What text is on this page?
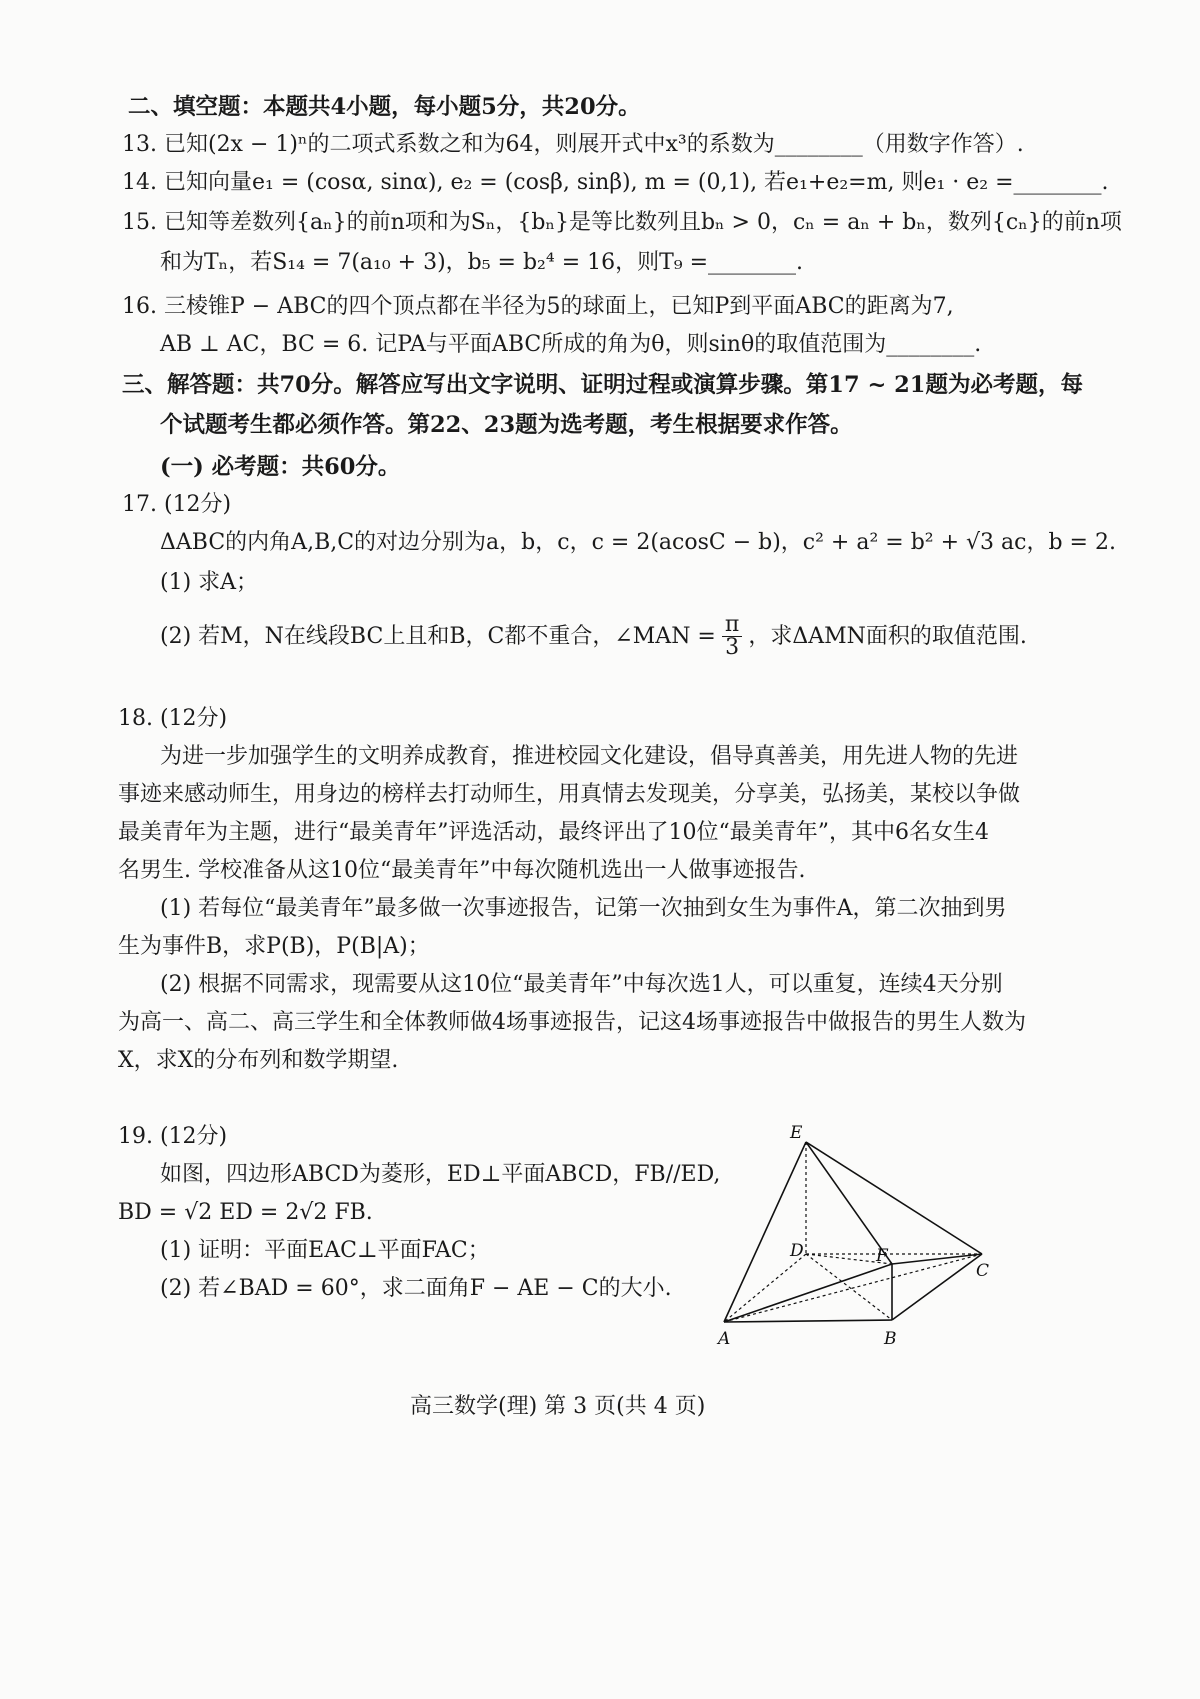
二、填空题：本题共4小题，每小题5分，共20分。
13. 已知(2x − 1)ⁿ的二项式系数之和为64，则展开式中x³的系数为________（用数字作答）.
14. 已知向量e₁ = (cosα, sinα), e₂ = (cosβ, sinβ), m = (0,1), 若e₁+e₂=m, 则e₁ · e₂ =________.
15. 已知等差数列{aₙ}的前n项和为Sₙ，{bₙ}是等比数列且bₙ > 0，cₙ = aₙ + bₙ，数列{cₙ}的前n项
和为Tₙ，若S₁₄ = 7(a₁₀ + 3)，b₅ = b₂⁴ = 16，则T₉ =________.
16. 三棱锥P − ABC的四个顶点都在半径为5的球面上，已知P到平面ABC的距离为7,
AB ⊥ AC，BC = 6. 记PA与平面ABC所成的角为θ，则sinθ的取值范围为________.
三、解答题：共70分。解答应写出文字说明、证明过程或演算步骤。第17 ~ 21题为必考题，每
个试题考生都必须作答。第22、23题为选考题，考生根据要求作答。
(一) 必考题：共60分。
17. (12分)
ΔABC的内角A,B,C的对边分别为a，b，c，c = 2(acosC − b)，c² + a² = b² + √3 ac，b = 2.
(1) 求A；
(2) 若M，N在线段BC上且和B，C都不重合，∠MAN = $\frac{\pi}{3}$ ，求ΔAMN面积的取值范围.
18. (12分)
为进一步加强学生的文明养成教育，推进校园文化建设，倡导真善美，用先进人物的先进
事迹来感动师生，用身边的榜样去打动师生，用真情去发现美，分享美，弘扬美，某校以争做
最美青年为主题，进行“最美青年”评选活动，最终评出了10位“最美青年”，其中6名女生4
名男生. 学校准备从这10位“最美青年”中每次随机选出一人做事迹报告.
(1) 若每位“最美青年”最多做一次事迹报告，记第一次抽到女生为事件A，第二次抽到男
生为事件B，求P(B)，P(B|A)；
(2) 根据不同需求，现需要从这10位“最美青年”中每次选1人，可以重复，连续4天分别
为高一、高二、高三学生和全体教师做4场事迹报告，记这4场事迹报告中做报告的男生人数为
X，求X的分布列和数学期望.
19. (12分)
如图，四边形ABCD为菱形，ED⊥平面ABCD，FB//ED,
BD = √2 ED = 2√2 FB.
(1) 证明：平面EAC⊥平面FAC；
(2) 若∠BAD = 60°，求二面角F − AE − C的大小.
E
D	F
C
A	B
高三数学(理) 第 3 页(共 4 页)
